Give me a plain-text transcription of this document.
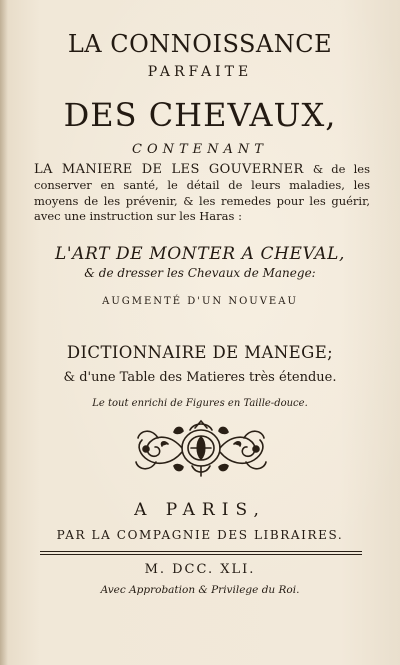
LA CONNOISSANCE

PARFAITE

DES CHEVAUX,

CONTENANT

LA MANIERE DE LES GOUVERNER & de les conserver en santé, le détail de leurs maladies, les moyens de les prévenir, & les remedes pour les guérir, avec une instruction sur les Haras :

L'ART DE MONTER A CHEVAL,

& de dresser les Chevaux de Manege:

AUGMENTÉ D'UN NOUVEAU

DICTIONNAIRE DE MANEGE;

& d'une Table des Matieres très étendue.

Le tout enrichi de Figures en Taille-douce.

A PARIS,

PAR LA COMPAGNIE DES LIBRAIRES.

M. DCC. XLI.

Avec Approbation & Privilege du Roi.
